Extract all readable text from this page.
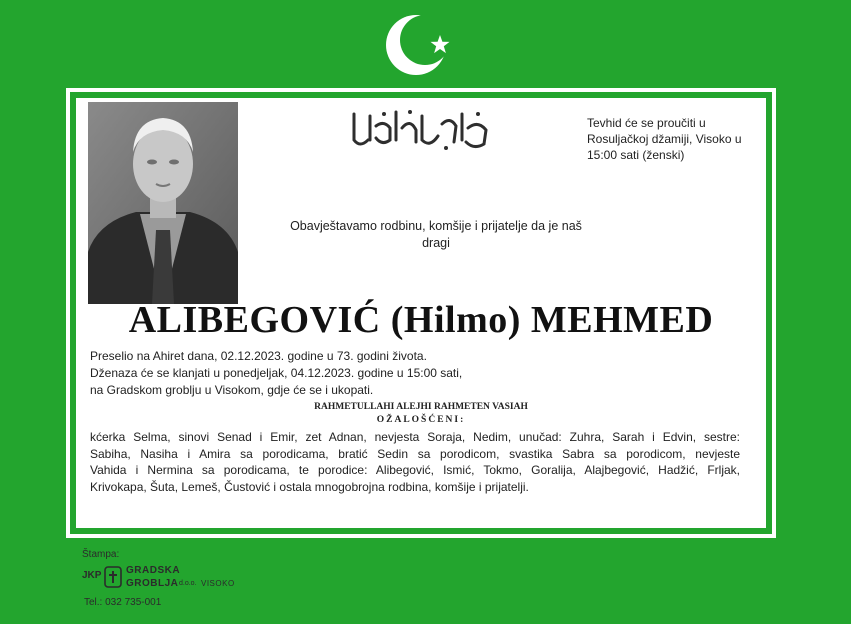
Tevhid će se proučiti u Rosuljačkoj džamiji, Visoko u 15:00 sati (ženski)
Obavještavamo rodbinu, komšije i prijatelje da je naš dragi
ALIBEGOVIĆ (Hilmo) MEHMED
Preselio na Ahiret dana, 02.12.2023. godine u 73. godini života.
Dženaza će se klanjati u ponedjeljak, 04.12.2023. godine u 15:00 sati,
na Gradskom groblju u Visokom, gdje će se i ukopati.
RAHMETULLAHI ALEJHI RAHMETEN VASIAH
OŽALOŠĆENI:
kćerka Selma, sinovi Senad i Emir, zet Adnan, nevjesta Soraja, Nedim, unučad: Zuhra, Sarah i Edvin, sestre:
Sabiha, Nasiha i Amira sa porodicama, bratić Sedin sa porodicom, svastika Sabra sa porodicom, nevjeste
Vahida i Nermina sa porodicama, te porodice: Alibegović, Ismić, Tokmo, Goralija, Alajbegović, Hadžić, Frljak,
Krivokapa, Šuta, Lemeš, Čustović i ostala mnogobrojna rodbina, komšije i prijatelji.
Štampa:
JKP GRADSKA
GROBLJA d.o.o. VISOKO
Tel.: 032 735-001
